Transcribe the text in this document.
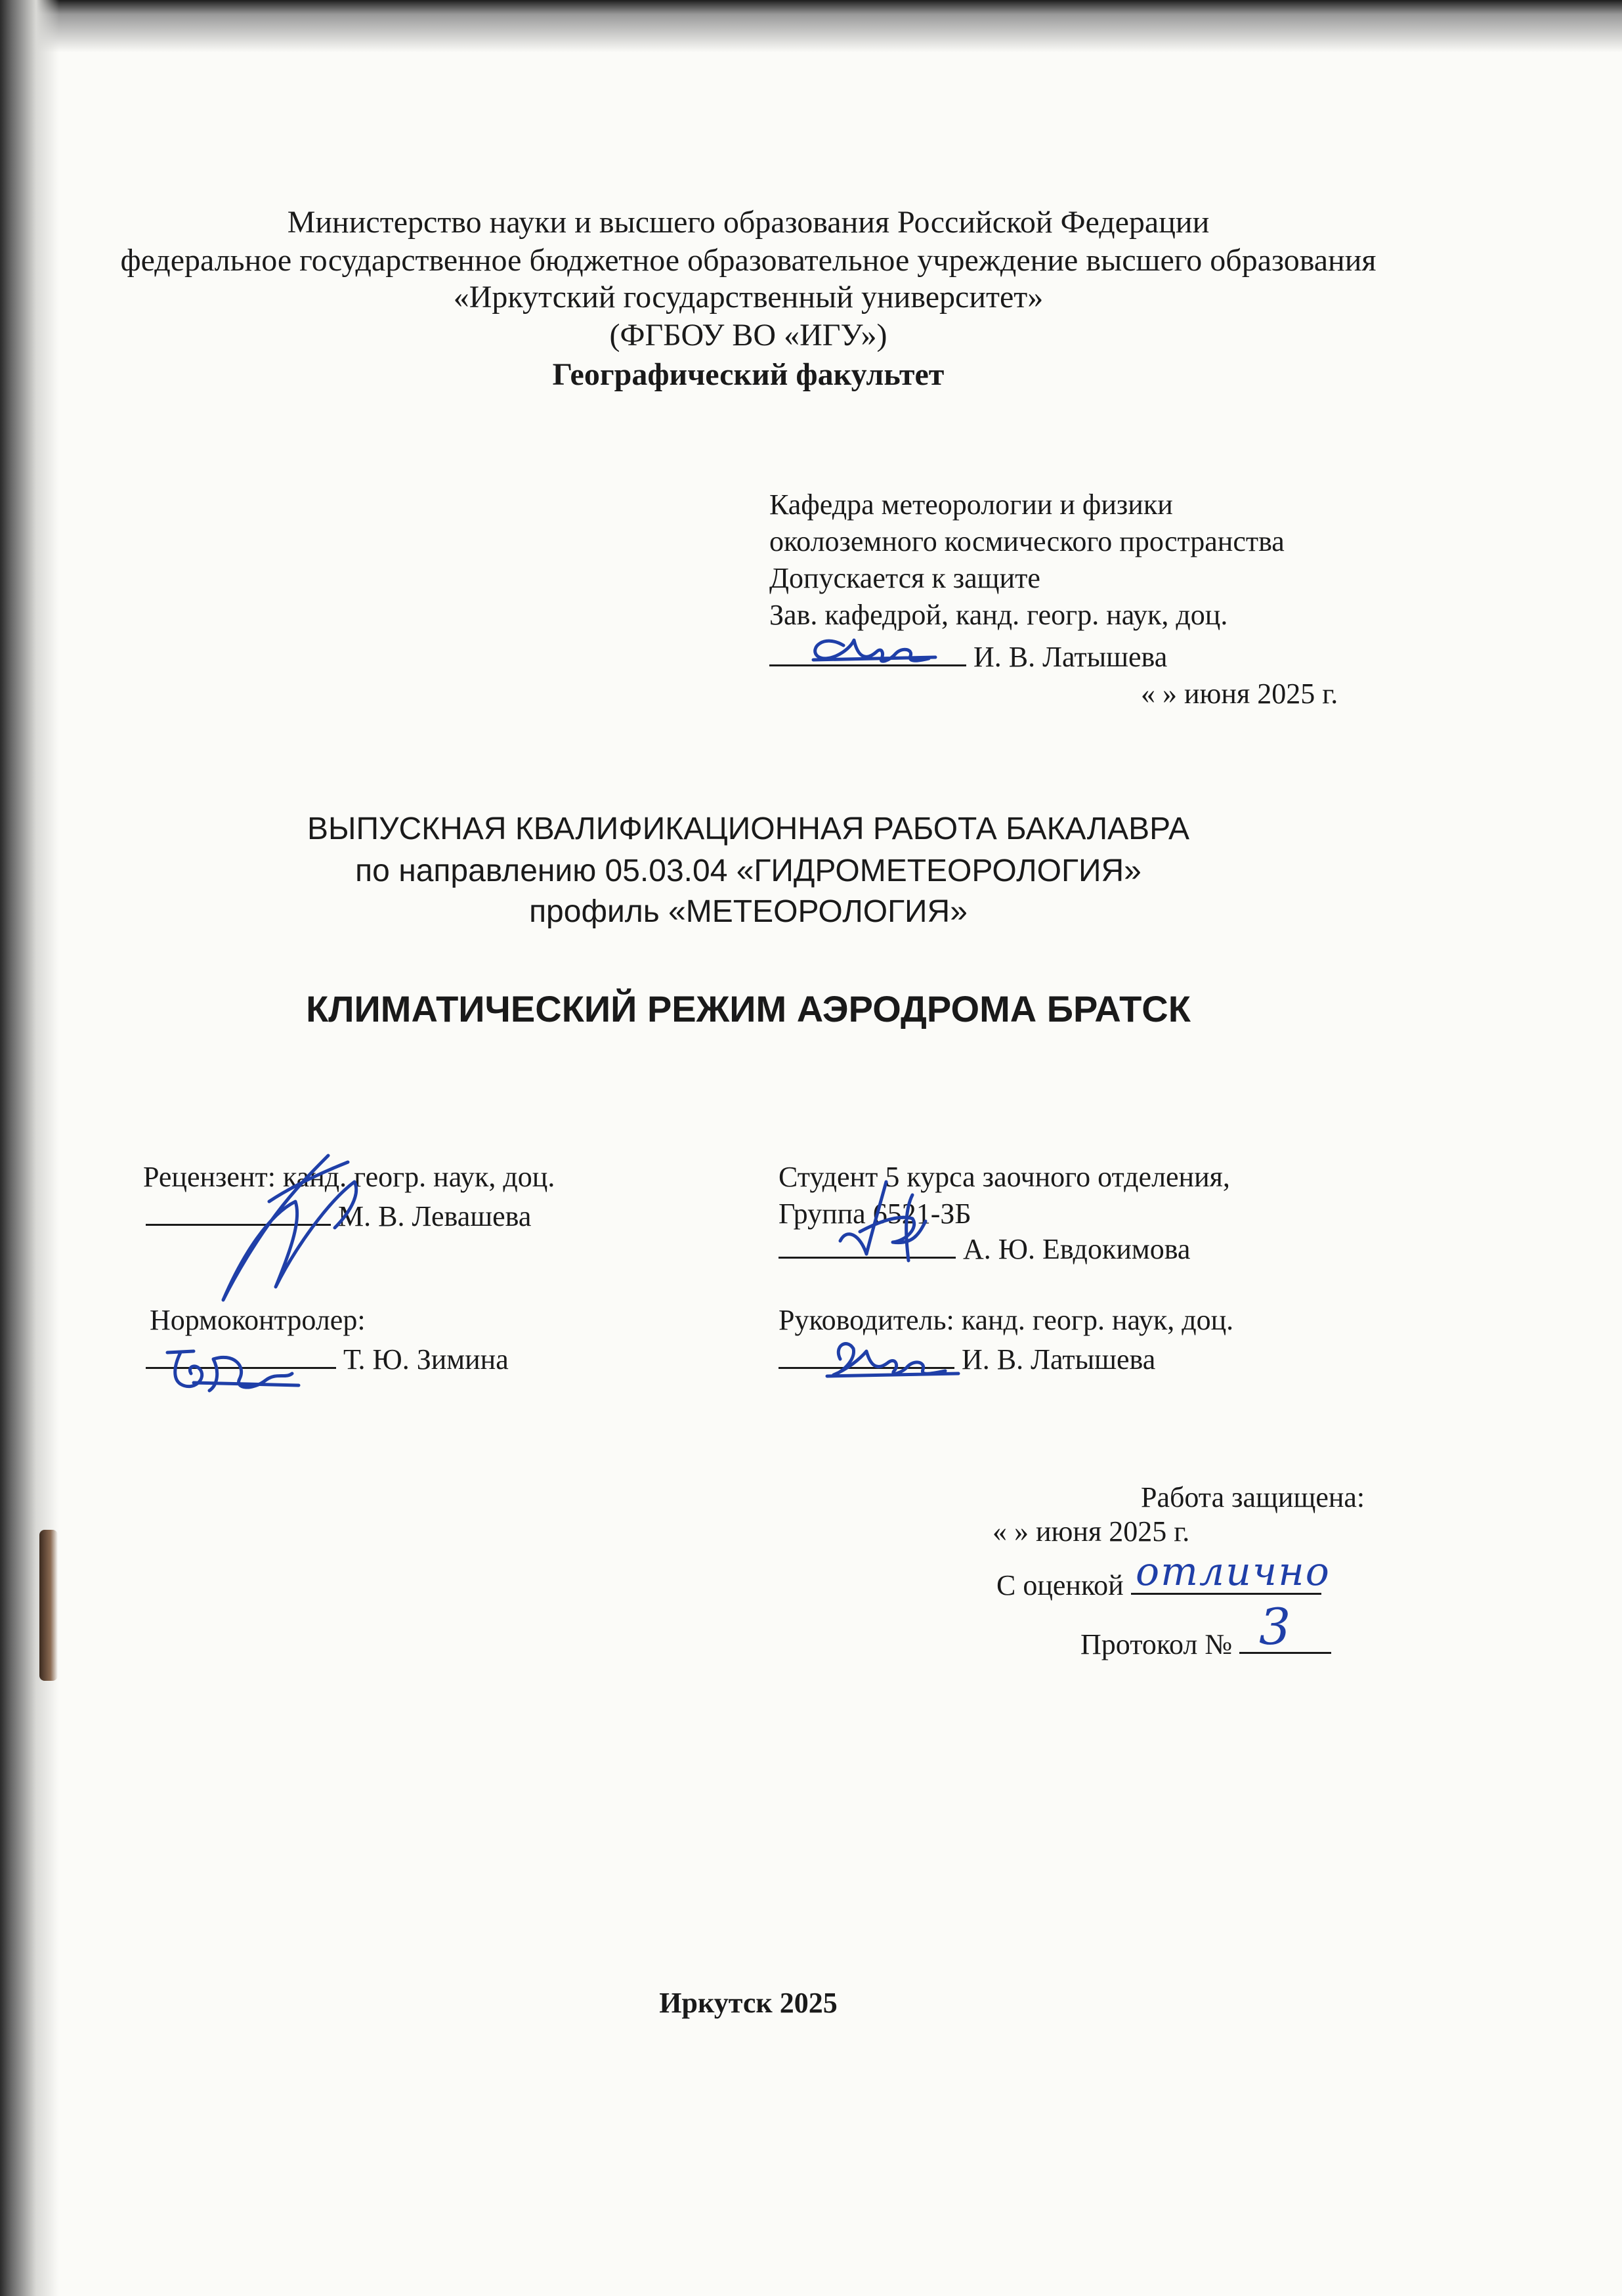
Министерство науки и высшего образования Российской Федерации
федеральное государственное бюджетное образовательное учреждение высшего образования
«Иркутский государственный университет»
(ФГБОУ ВО «ИГУ»)
Географический факультет
Кафедра метеорологии и физики
околоземного космического пространства
Допускается к защите
Зав. кафедрой, канд. геогр. наук, доц.
И. В. Латышева
« » июня 2025 г.
ВЫПУСКНАЯ КВАЛИФИКАЦИОННАЯ РАБОТА БАКАЛАВРА
по направлению 05.03.04 «ГИДРОМЕТЕОРОЛОГИЯ»
профиль «МЕТЕОРОЛОГИЯ»
КЛИМАТИЧЕСКИЙ РЕЖИМ АЭРОДРОМА БРАТСК
Рецензент: канд. геогр. наук, доц.
М. В. Левашева
Нормоконтролер:
Т. Ю. Зимина
Студент 5 курса заочного отделения,
Группа 6521-ЗБ
А. Ю. Евдокимова
Руководитель: канд. геогр. наук, доц.
И. В. Латышева
Работа защищена:
« » июня 2025 г.
С оценкой отлично
Протокол № 3
Иркутск 2025
